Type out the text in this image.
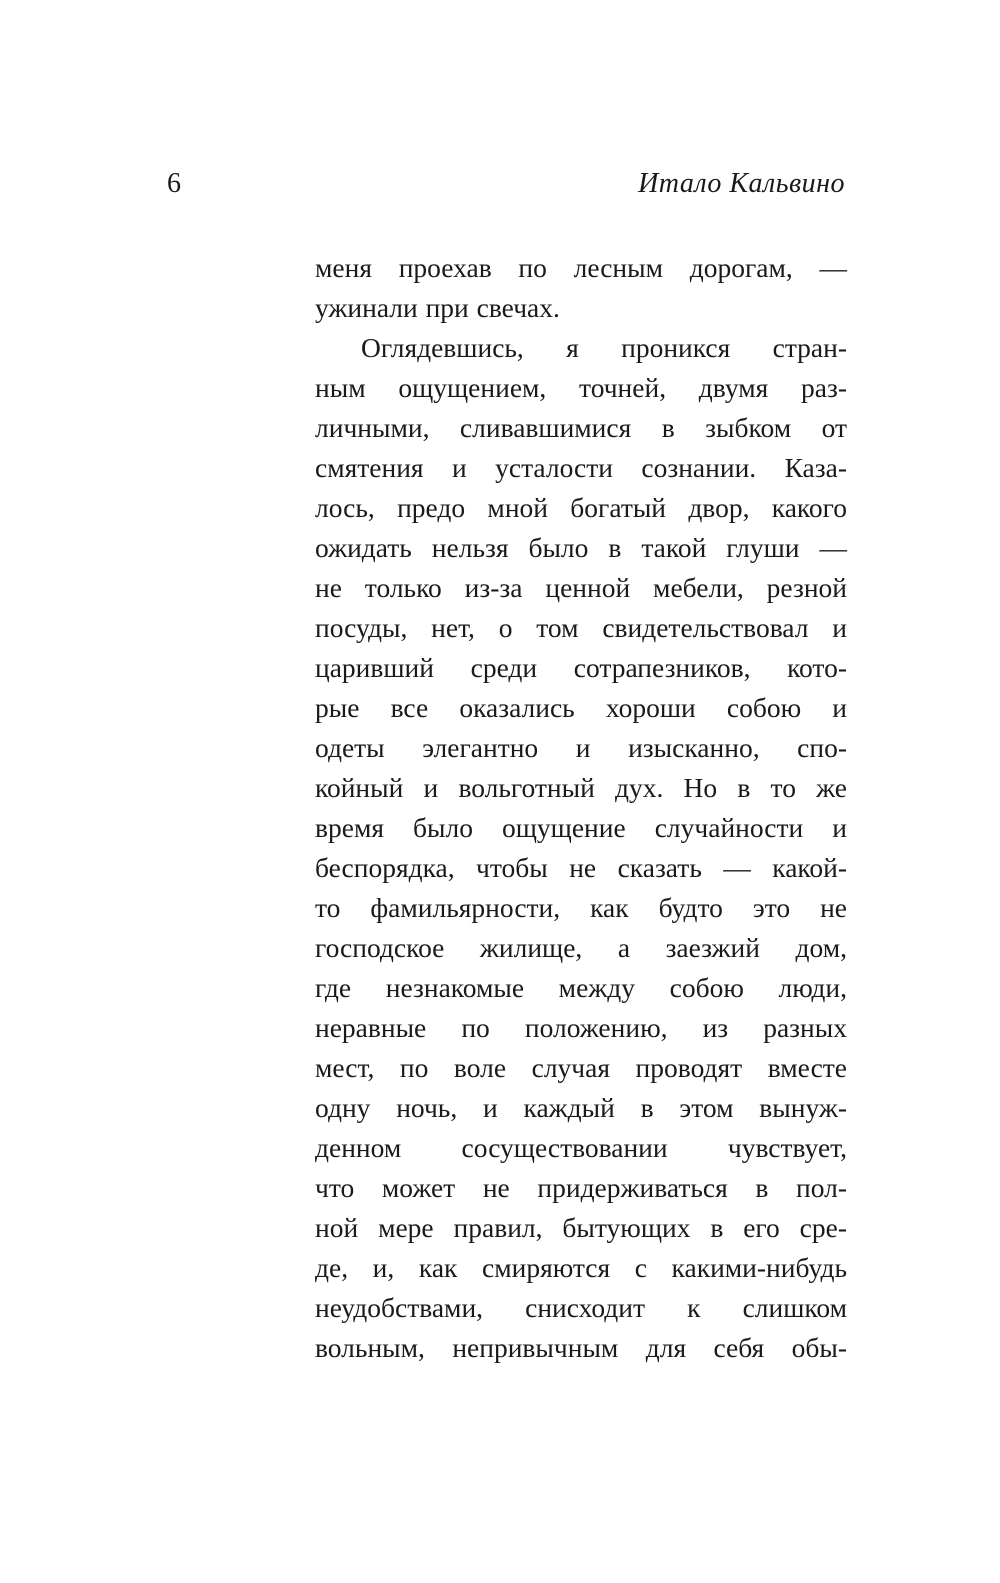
6	Итало Кальвино
меня проехав по лесным дорогам, —
ужинали при свечах.
Оглядевшись, я проникся стран-
ным ощущением, точней, двумя раз-
личными, сливавшимися в зыбком от
смятения и усталости сознании. Каза-
лось, предо мной богатый двор, какого
ожидать нельзя было в такой глуши —
не только из-за ценной мебели, резной
посуды, нет, о том свидетельствовал и
царивший среди сотрапезников, кото-
рые все оказались хороши собою и
одеты элегантно и изысканно, спо-
койный и вольготный дух. Но в то же
время было ощущение случайности и
беспорядка, чтобы не сказать — какой-
то фамильярности, как будто это не
господское жилище, а заезжий дом,
где незнакомые между собою люди,
неравные по положению, из разных
мест, по воле случая проводят вместе
одну ночь, и каждый в этом вынуж-
денном сосуществовании чувствует,
что может не придерживаться в пол-
ной мере правил, бытующих в его сре-
де, и, как смиряются с какими-нибудь
неудобствами, снисходит к слишком
вольным, непривычным для себя обы-
